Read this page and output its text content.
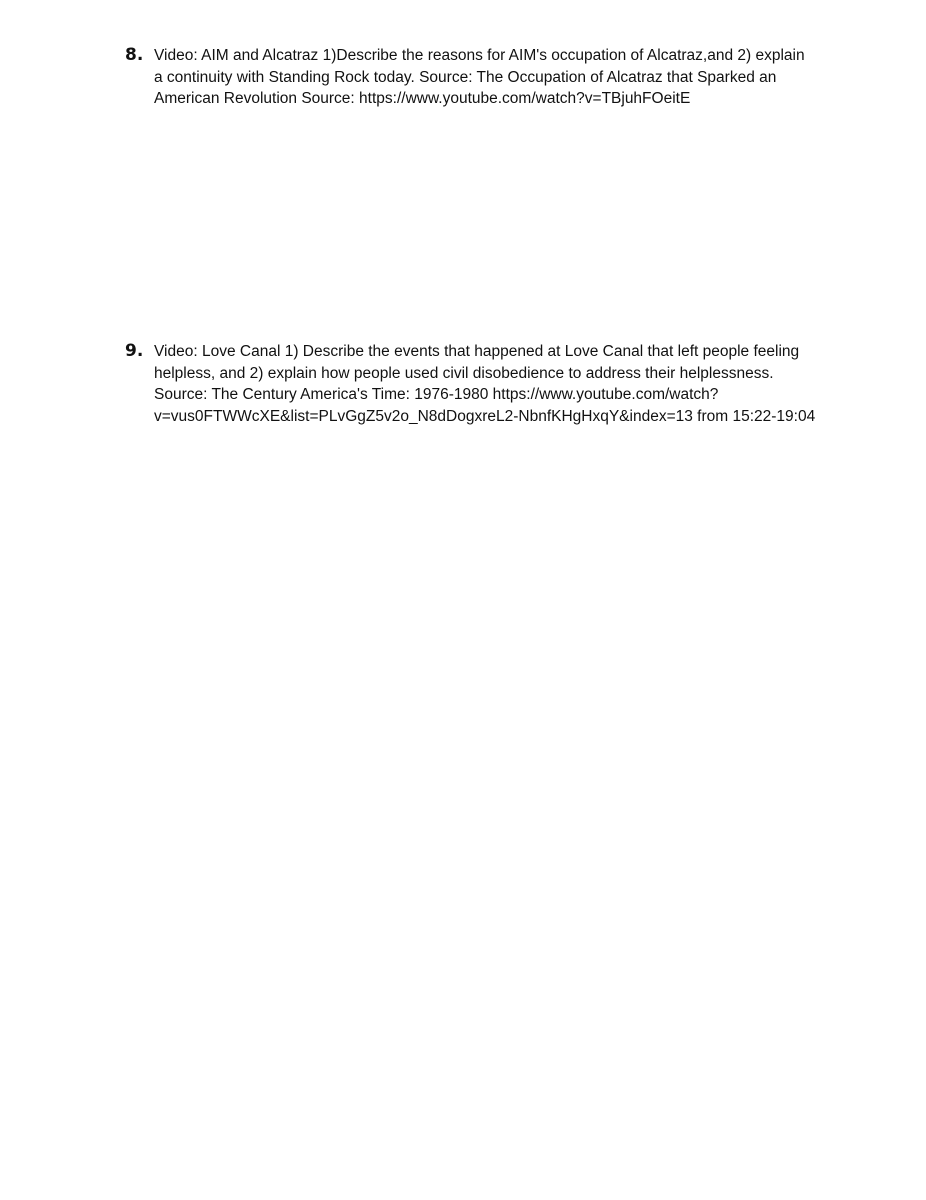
8. Video: AIM and Alcatraz 1)Describe the reasons for AIM's occupation of Alcatraz,and 2) explain
a continuity with Standing Rock today. Source: The Occupation of Alcatraz that Sparked an
American Revolution Source: https://www.youtube.com/watch?v=TBjuhFOeitE
9. Video: Love Canal 1) Describe the events that happened at Love Canal that left people feeling
helpless, and 2) explain how people used civil disobedience to address their helplessness.
Source: The Century America's Time: 1976-1980 https://www.youtube.com/watch?
v=vus0FTWWcXE&list=PLvGgZ5v2o_N8dDogxreL2-NbnfKHgHxqY&index=13 from 15:22-19:04
